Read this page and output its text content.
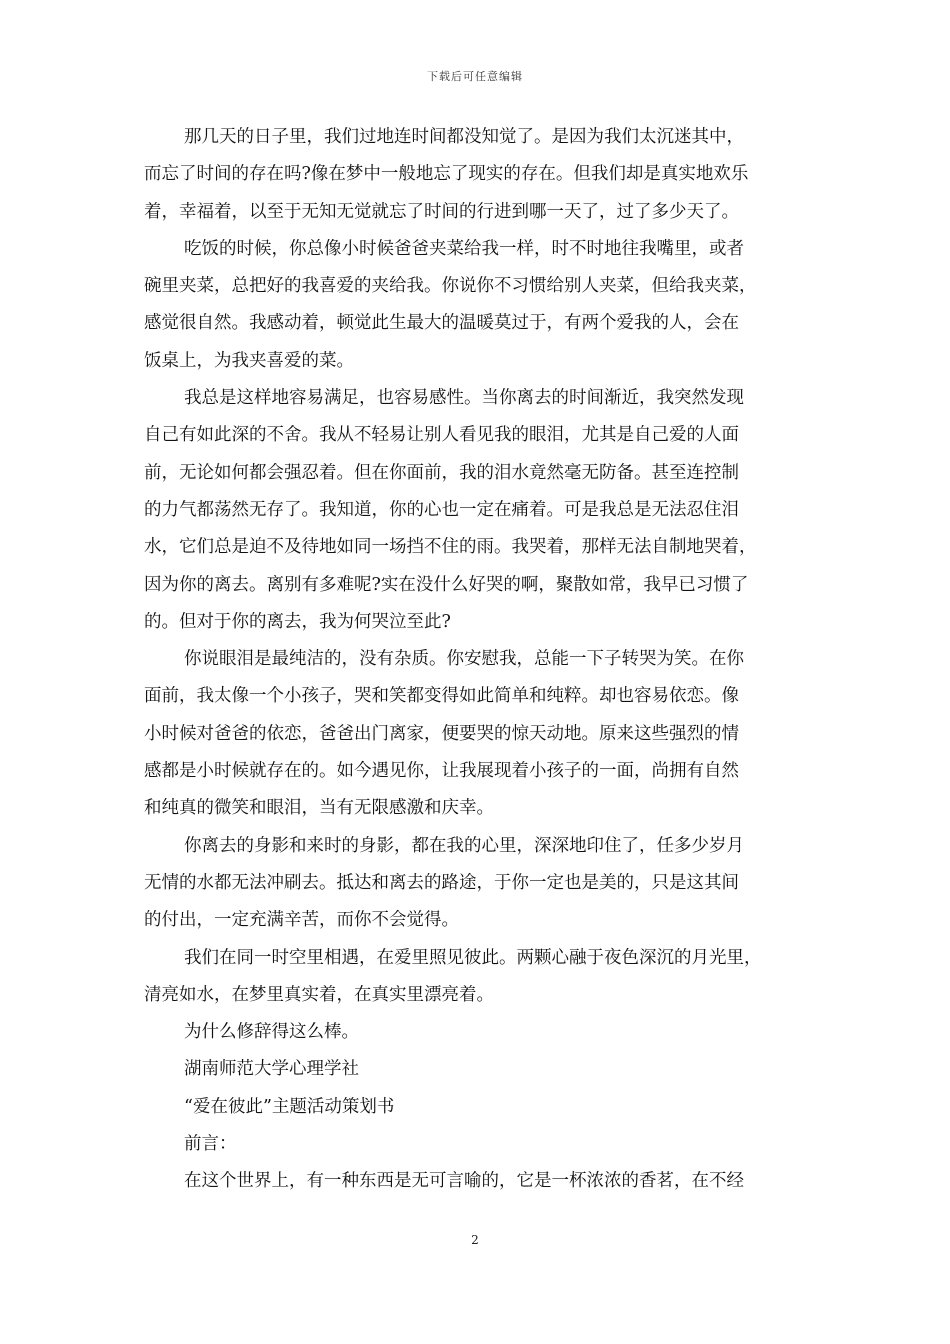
下载后可任意编辑
那几天的日子里，我们过地连时间都没知觉了。是因为我们太沉迷其中，
而忘了时间的存在吗?像在梦中一般地忘了现实的存在。但我们却是真实地欢乐
着，幸福着，以至于无知无觉就忘了时间的行进到哪一天了，过了多少天了。
吃饭的时候，你总像小时候爸爸夹菜给我一样，时不时地往我嘴里，或者
碗里夹菜，总把好的我喜爱的夹给我。你说你不习惯给别人夹菜，但给我夹菜，
感觉很自然。我感动着，顿觉此生最大的温暖莫过于，有两个爱我的人，会在
饭桌上，为我夹喜爱的菜。
我总是这样地容易满足，也容易感性。当你离去的时间渐近，我突然发现
自己有如此深的不舍。我从不轻易让别人看见我的眼泪，尤其是自己爱的人面
前，无论如何都会强忍着。但在你面前，我的泪水竟然毫无防备。甚至连控制
的力气都荡然无存了。我知道，你的心也一定在痛着。可是我总是无法忍住泪
水，它们总是迫不及待地如同一场挡不住的雨。我哭着，那样无法自制地哭着，
因为你的离去。离别有多难呢?实在没什么好哭的啊，聚散如常，我早已习惯了
的。但对于你的离去，我为何哭泣至此?
你说眼泪是最纯洁的，没有杂质。你安慰我，总能一下子转哭为笑。在你
面前，我太像一个小孩子，哭和笑都变得如此简单和纯粹。却也容易依恋。像
小时候对爸爸的依恋，爸爸出门离家，便要哭的惊天动地。原来这些强烈的情
感都是小时候就存在的。如今遇见你，让我展现着小孩子的一面，尚拥有自然
和纯真的微笑和眼泪，当有无限感激和庆幸。
你离去的身影和来时的身影，都在我的心里，深深地印住了，任多少岁月
无情的水都无法冲刷去。抵达和离去的路途，于你一定也是美的，只是这其间
的付出，一定充满辛苦，而你不会觉得。
我们在同一时空里相遇，在爱里照见彼此。两颗心融于夜色深沉的月光里，
清亮如水，在梦里真实着，在真实里漂亮着。
为什么修辞得这么棒。
湖南师范大学心理学社
“爱在彼此”主题活动策划书
前言：
在这个世界上，有一种东西是无可言喻的，它是一杯浓浓的香茗，在不经
2
